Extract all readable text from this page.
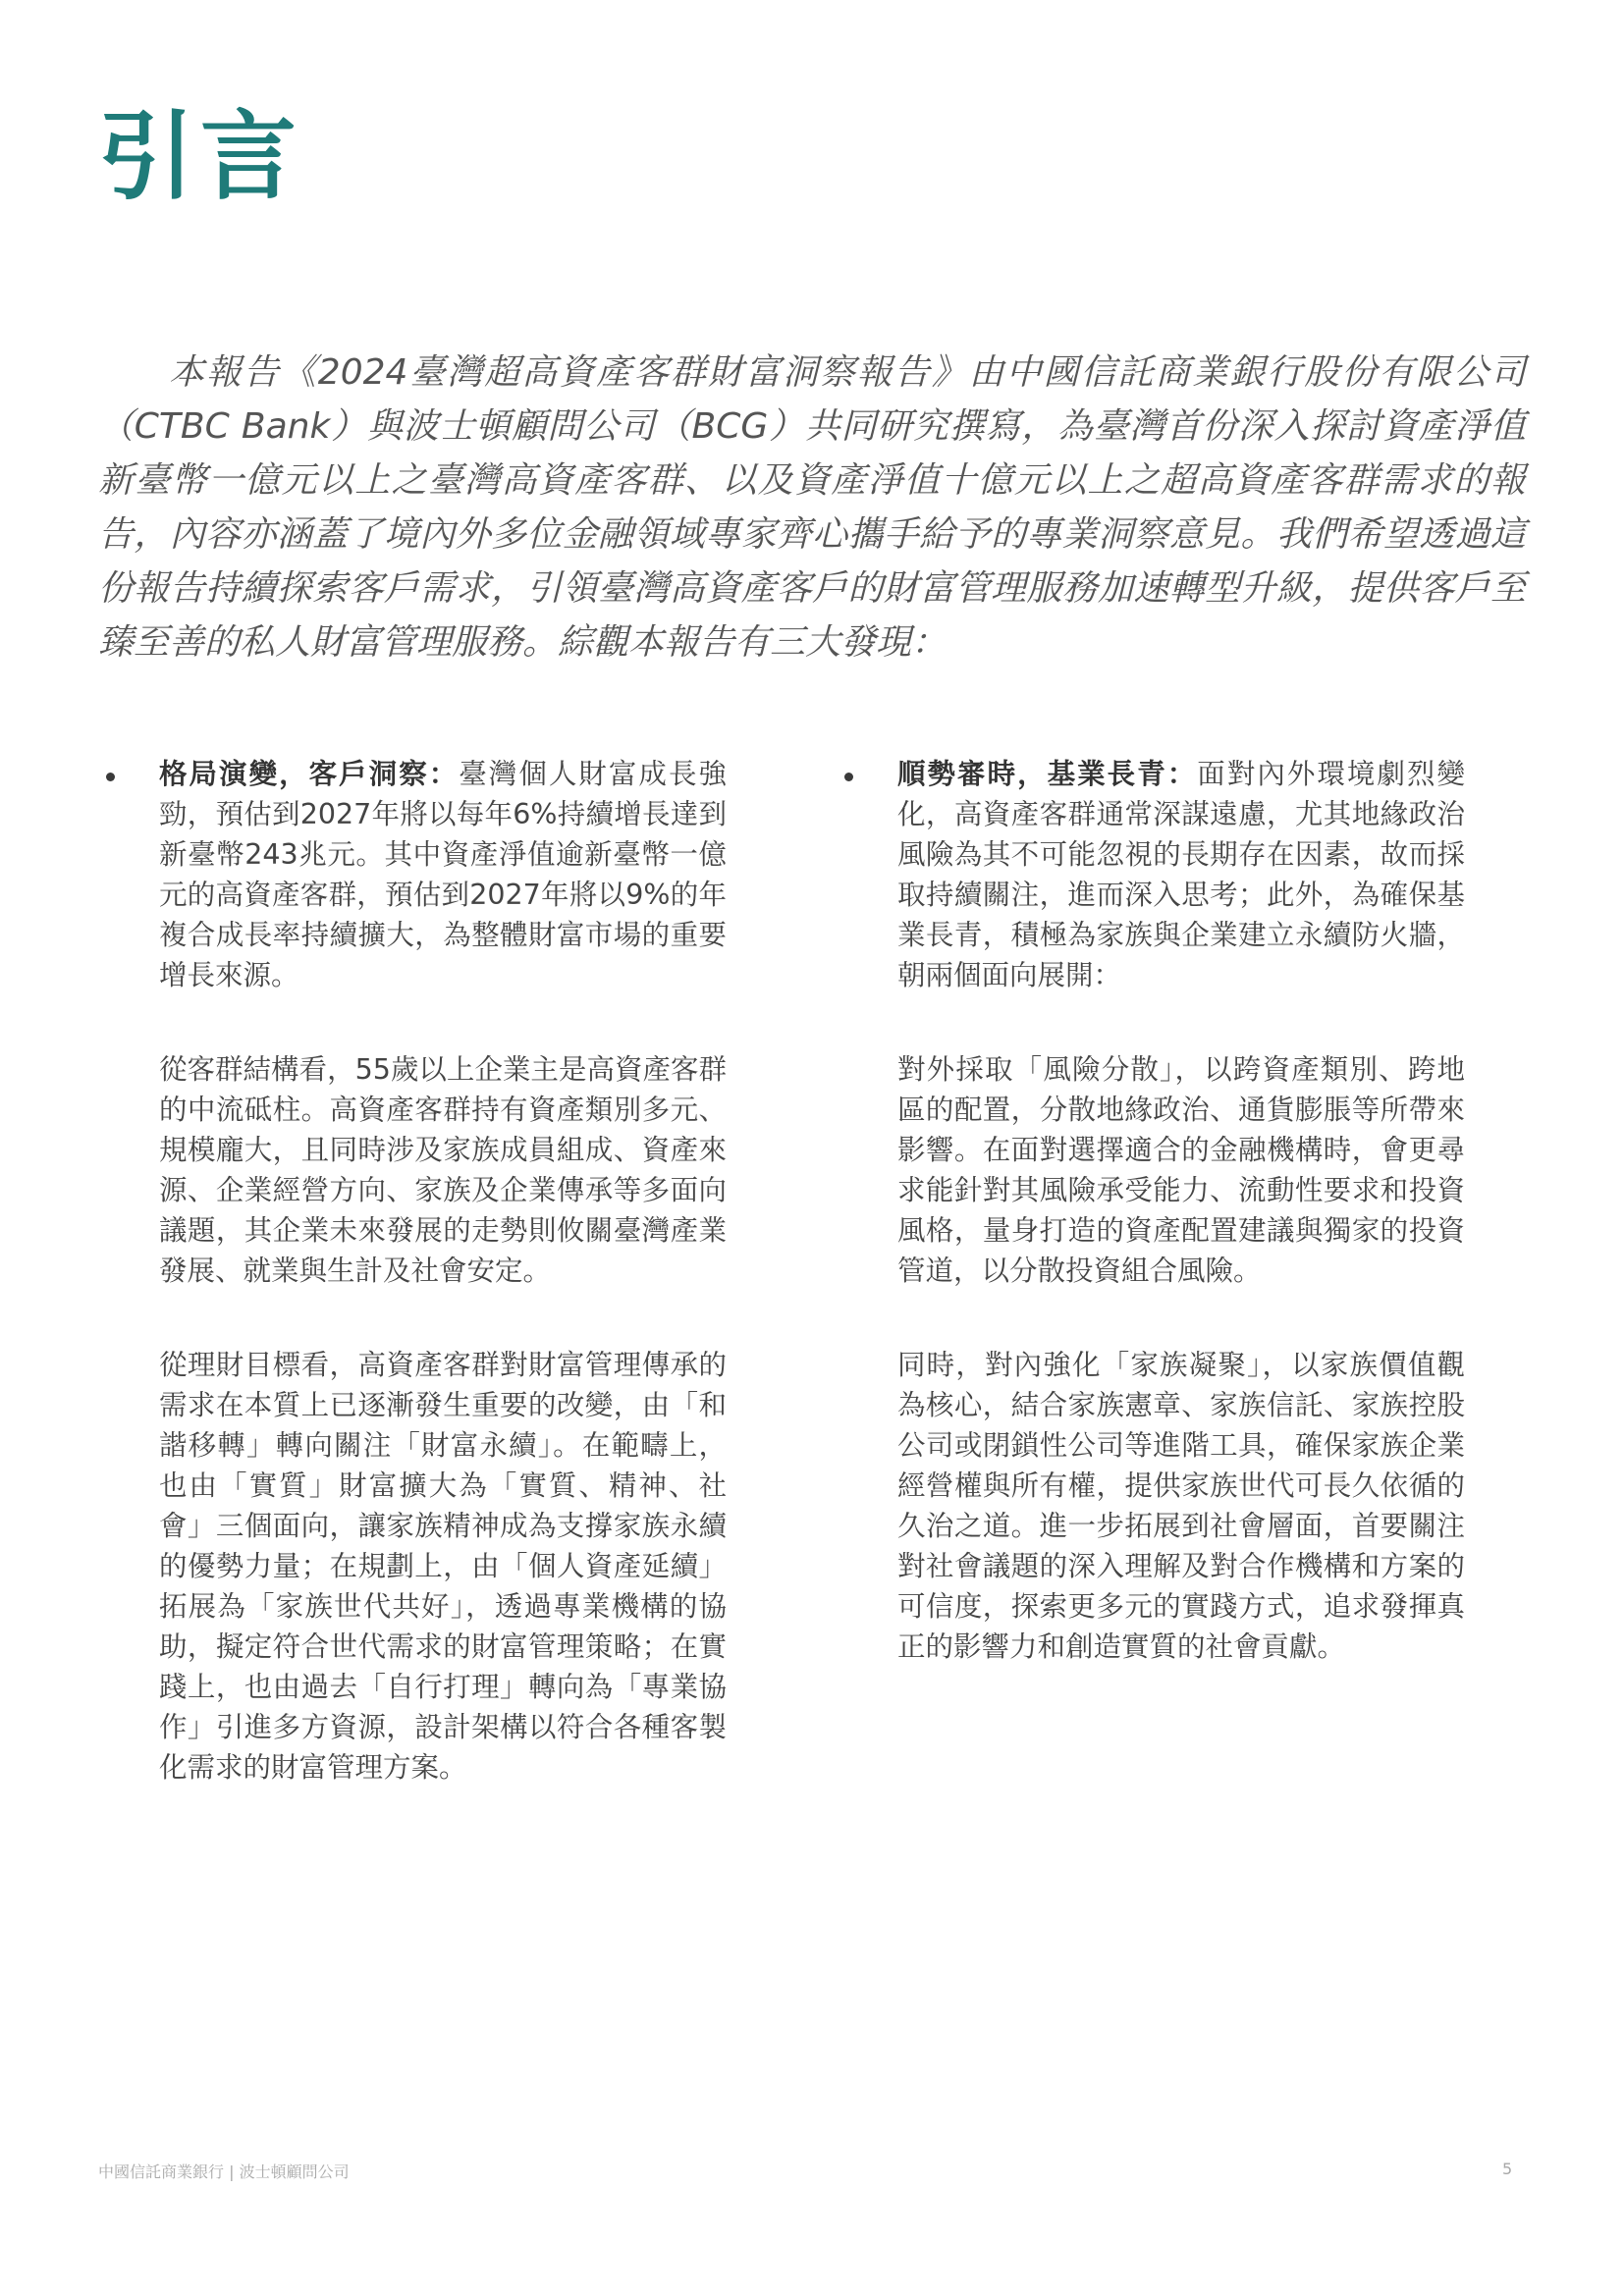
引言

本報告《2024臺灣超高資產客群財富洞察報告》由中國信託商業銀行股份有限公司（CTBC Bank）與波士頓顧問公司（BCG）共同研究撰寫，為臺灣首份深入探討資產淨值新臺幣一億元以上之臺灣高資產客群、以及資產淨值十億元以上之超高資產客群需求的報告，內容亦涵蓋了境內外多位金融領域專家齊心攜手給予的專業洞察意見。我們希望透過這份報告持續探索客戶需求，引領臺灣高資產客戶的財富管理服務加速轉型升級，提供客戶至臻至善的私人財富管理服務。綜觀本報告有三大發現：

格局演變，客戶洞察：臺灣個人財富成長強勁，預估到2027年將以每年6%持續增長達到新臺幣243兆元。其中資產淨值逾新臺幣一億元的高資產客群，預估到2027年將以9%的年複合成長率持續擴大，為整體財富市場的重要增長來源。

從客群結構看，55歲以上企業主是高資產客群的中流砥柱。高資產客群持有資產類別多元、規模龐大，且同時涉及家族成員組成、資產來源、企業經營方向、家族及企業傳承等多面向議題，其企業未來發展的走勢則攸關臺灣產業發展、就業與生計及社會安定。

從理財目標看，高資產客群對財富管理傳承的需求在本質上已逐漸發生重要的改變，由「和諧移轉」轉向關注「財富永續」。在範疇上，也由「實質」財富擴大為「實質、精神、社會」三個面向，讓家族精神成為支撐家族永續的優勢力量；在規劃上，由「個人資產延續」拓展為「家族世代共好」，透過專業機構的協助，擬定符合世代需求的財富管理策略；在實踐上，也由過去「自行打理」轉向為「專業協作」引進多方資源，設計架構以符合各種客製化需求的財富管理方案。

順勢審時，基業長青：面對內外環境劇烈變化，高資產客群通常深謀遠慮，尤其地緣政治風險為其不可能忽視的長期存在因素，故而採取持續關注，進而深入思考；此外，為確保基業長青，積極為家族與企業建立永續防火牆，朝兩個面向展開：

對外採取「風險分散」，以跨資產類別、跨地區的配置，分散地緣政治、通貨膨脹等所帶來影響。在面對選擇適合的金融機構時，會更尋求能針對其風險承受能力、流動性要求和投資風格，量身打造的資產配置建議與獨家的投資管道，以分散投資組合風險。

同時，對內強化「家族凝聚」，以家族價值觀為核心，結合家族憲章、家族信託、家族控股公司或閉鎖性公司等進階工具，確保家族企業經營權與所有權，提供家族世代可長久依循的久治之道。進一步拓展到社會層面，首要關注對社會議題的深入理解及對合作機構和方案的可信度，探索更多元的實踐方式，追求發揮真正的影響力和創造實質的社會貢獻。

中國信託商業銀行 | 波士頓顧問公司	5
